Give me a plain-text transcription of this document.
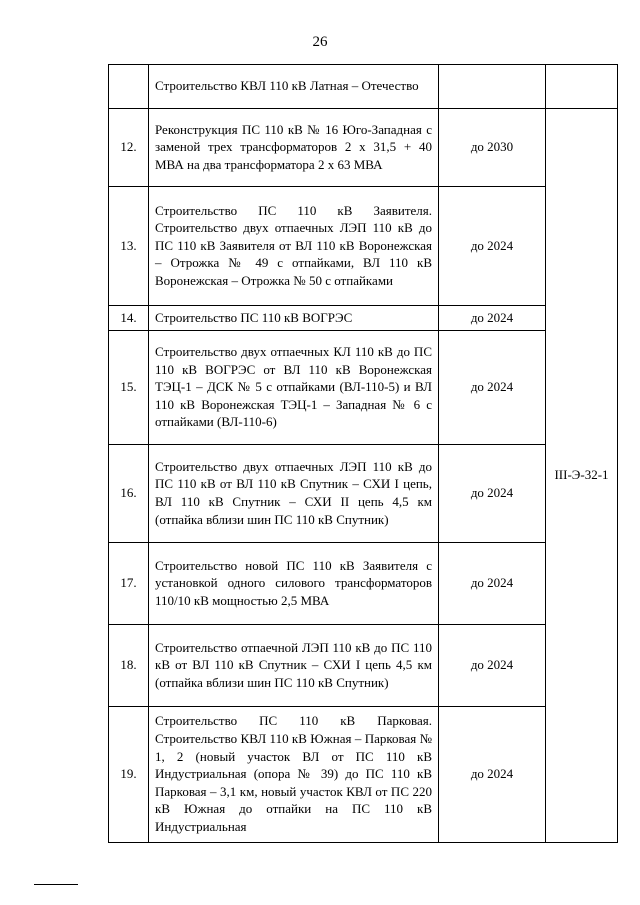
26
	Строительство КВЛ 110 кВ Латная – Отечество		
12.	Реконструкция ПС 110 кВ № 16 Юго-Западная с заменой трех трансформаторов 2 х 31,5 + 40 МВА на два трансформатора 2 х 63 МВА	до 2030	III-Э-32-1
13.	Строительство ПС 110 кВ Заявителя. Строительство двух отпаечных ЛЭП 110 кВ до ПС 110 кВ Заявителя от ВЛ 110 кВ Воронежская – Отрожка № 49 с отпайками, ВЛ 110 кВ Воронежская – Отрожка № 50 с отпайками	до 2024	
14.	Строительство ПС 110 кВ ВОГРЭС	до 2024	
15.	Строительство двух отпаечных КЛ 110 кВ до ПС 110 кВ ВОГРЭС от ВЛ 110 кВ Воронежская ТЭЦ-1 – ДСК № 5 с отпайками (ВЛ-110-5) и ВЛ 110 кВ Воронежская ТЭЦ-1 – Западная № 6 с отпайками (ВЛ-110-6)	до 2024	
16.	Строительство двух отпаечных ЛЭП 110 кВ до ПС 110 кВ от ВЛ 110 кВ Спутник – СХИ I цепь, ВЛ 110 кВ Спутник – СХИ II цепь 4,5 км (отпайка вблизи шин ПС 110 кВ Спутник)	до 2024	
17.	Строительство новой ПС 110 кВ Заявителя с установкой одного силового трансформаторов 110/10 кВ мощностью 2,5 МВА	до 2024	
18.	Строительство отпаечной ЛЭП 110 кВ до ПС 110 кВ от ВЛ 110 кВ Спутник – СХИ I цепь 4,5 км (отпайка вблизи шин ПС 110 кВ Спутник)	до 2024	
19.	Строительство ПС 110 кВ Парковая. Строительство КВЛ 110 кВ Южная – Парковая № 1, 2 (новый участок ВЛ от ПС 110 кВ Индустриальная (опора № 39) до ПС 110 кВ Парковая – 3,1 км, новый участок КВЛ от ПС 220 кВ Южная до отпайки на ПС 110 кВ Индустриальная	до 2024	
